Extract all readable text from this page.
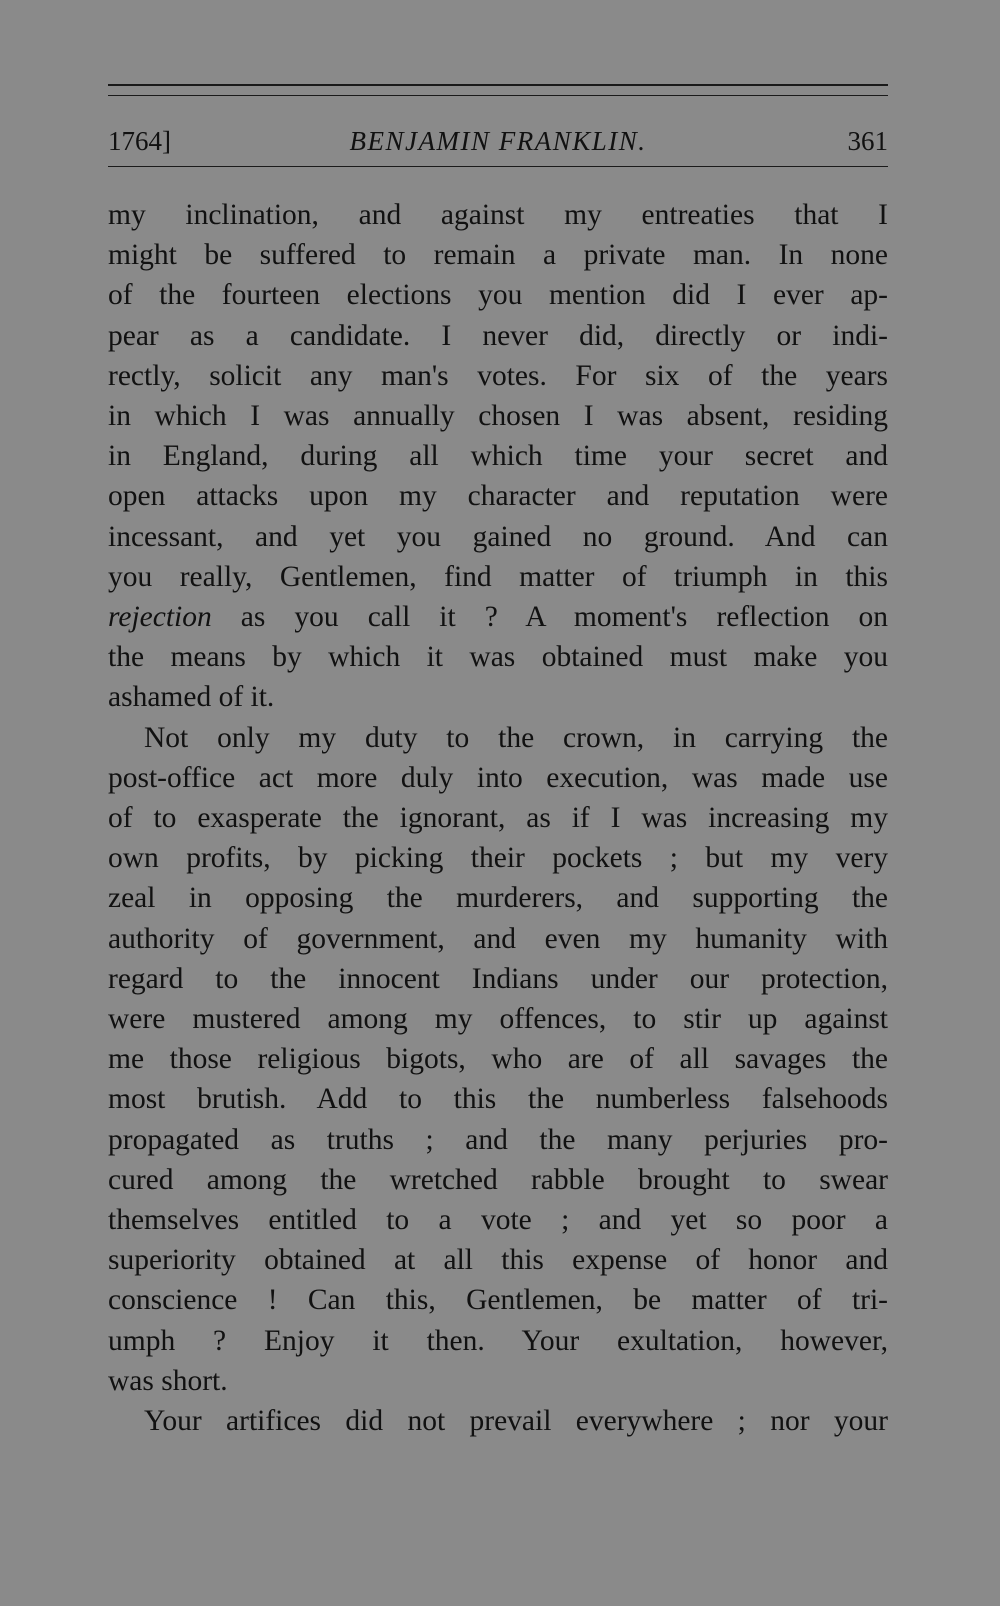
1764]	BENJAMIN FRANKLIN.	361
my inclination, and against my entreaties that I
might be suffered to remain a private man. In none
of the fourteen elections you mention did I ever ap-
pear as a candidate. I never did, directly or indi-
rectly, solicit any man's votes. For six of the years
in which I was annually chosen I was absent, residing
in England, during all which time your secret and
open attacks upon my character and reputation were
incessant, and yet you gained no ground. And can
you really, Gentlemen, find matter of triumph in this
rejection as you call it ? A moment's reflection on
the means by which it was obtained must make you
ashamed of it.
Not only my duty to the crown, in carrying the
post-office act more duly into execution, was made use
of to exasperate the ignorant, as if I was increasing my
own profits, by picking their pockets ; but my very
zeal in opposing the murderers, and supporting the
authority of government, and even my humanity with
regard to the innocent Indians under our protection,
were mustered among my offences, to stir up against
me those religious bigots, who are of all savages the
most brutish. Add to this the numberless falsehoods
propagated as truths ; and the many perjuries pro-
cured among the wretched rabble brought to swear
themselves entitled to a vote ; and yet so poor a
superiority obtained at all this expense of honor and
conscience ! Can this, Gentlemen, be matter of tri-
umph ? Enjoy it then. Your exultation, however,
was short.
Your artifices did not prevail everywhere ; nor your
